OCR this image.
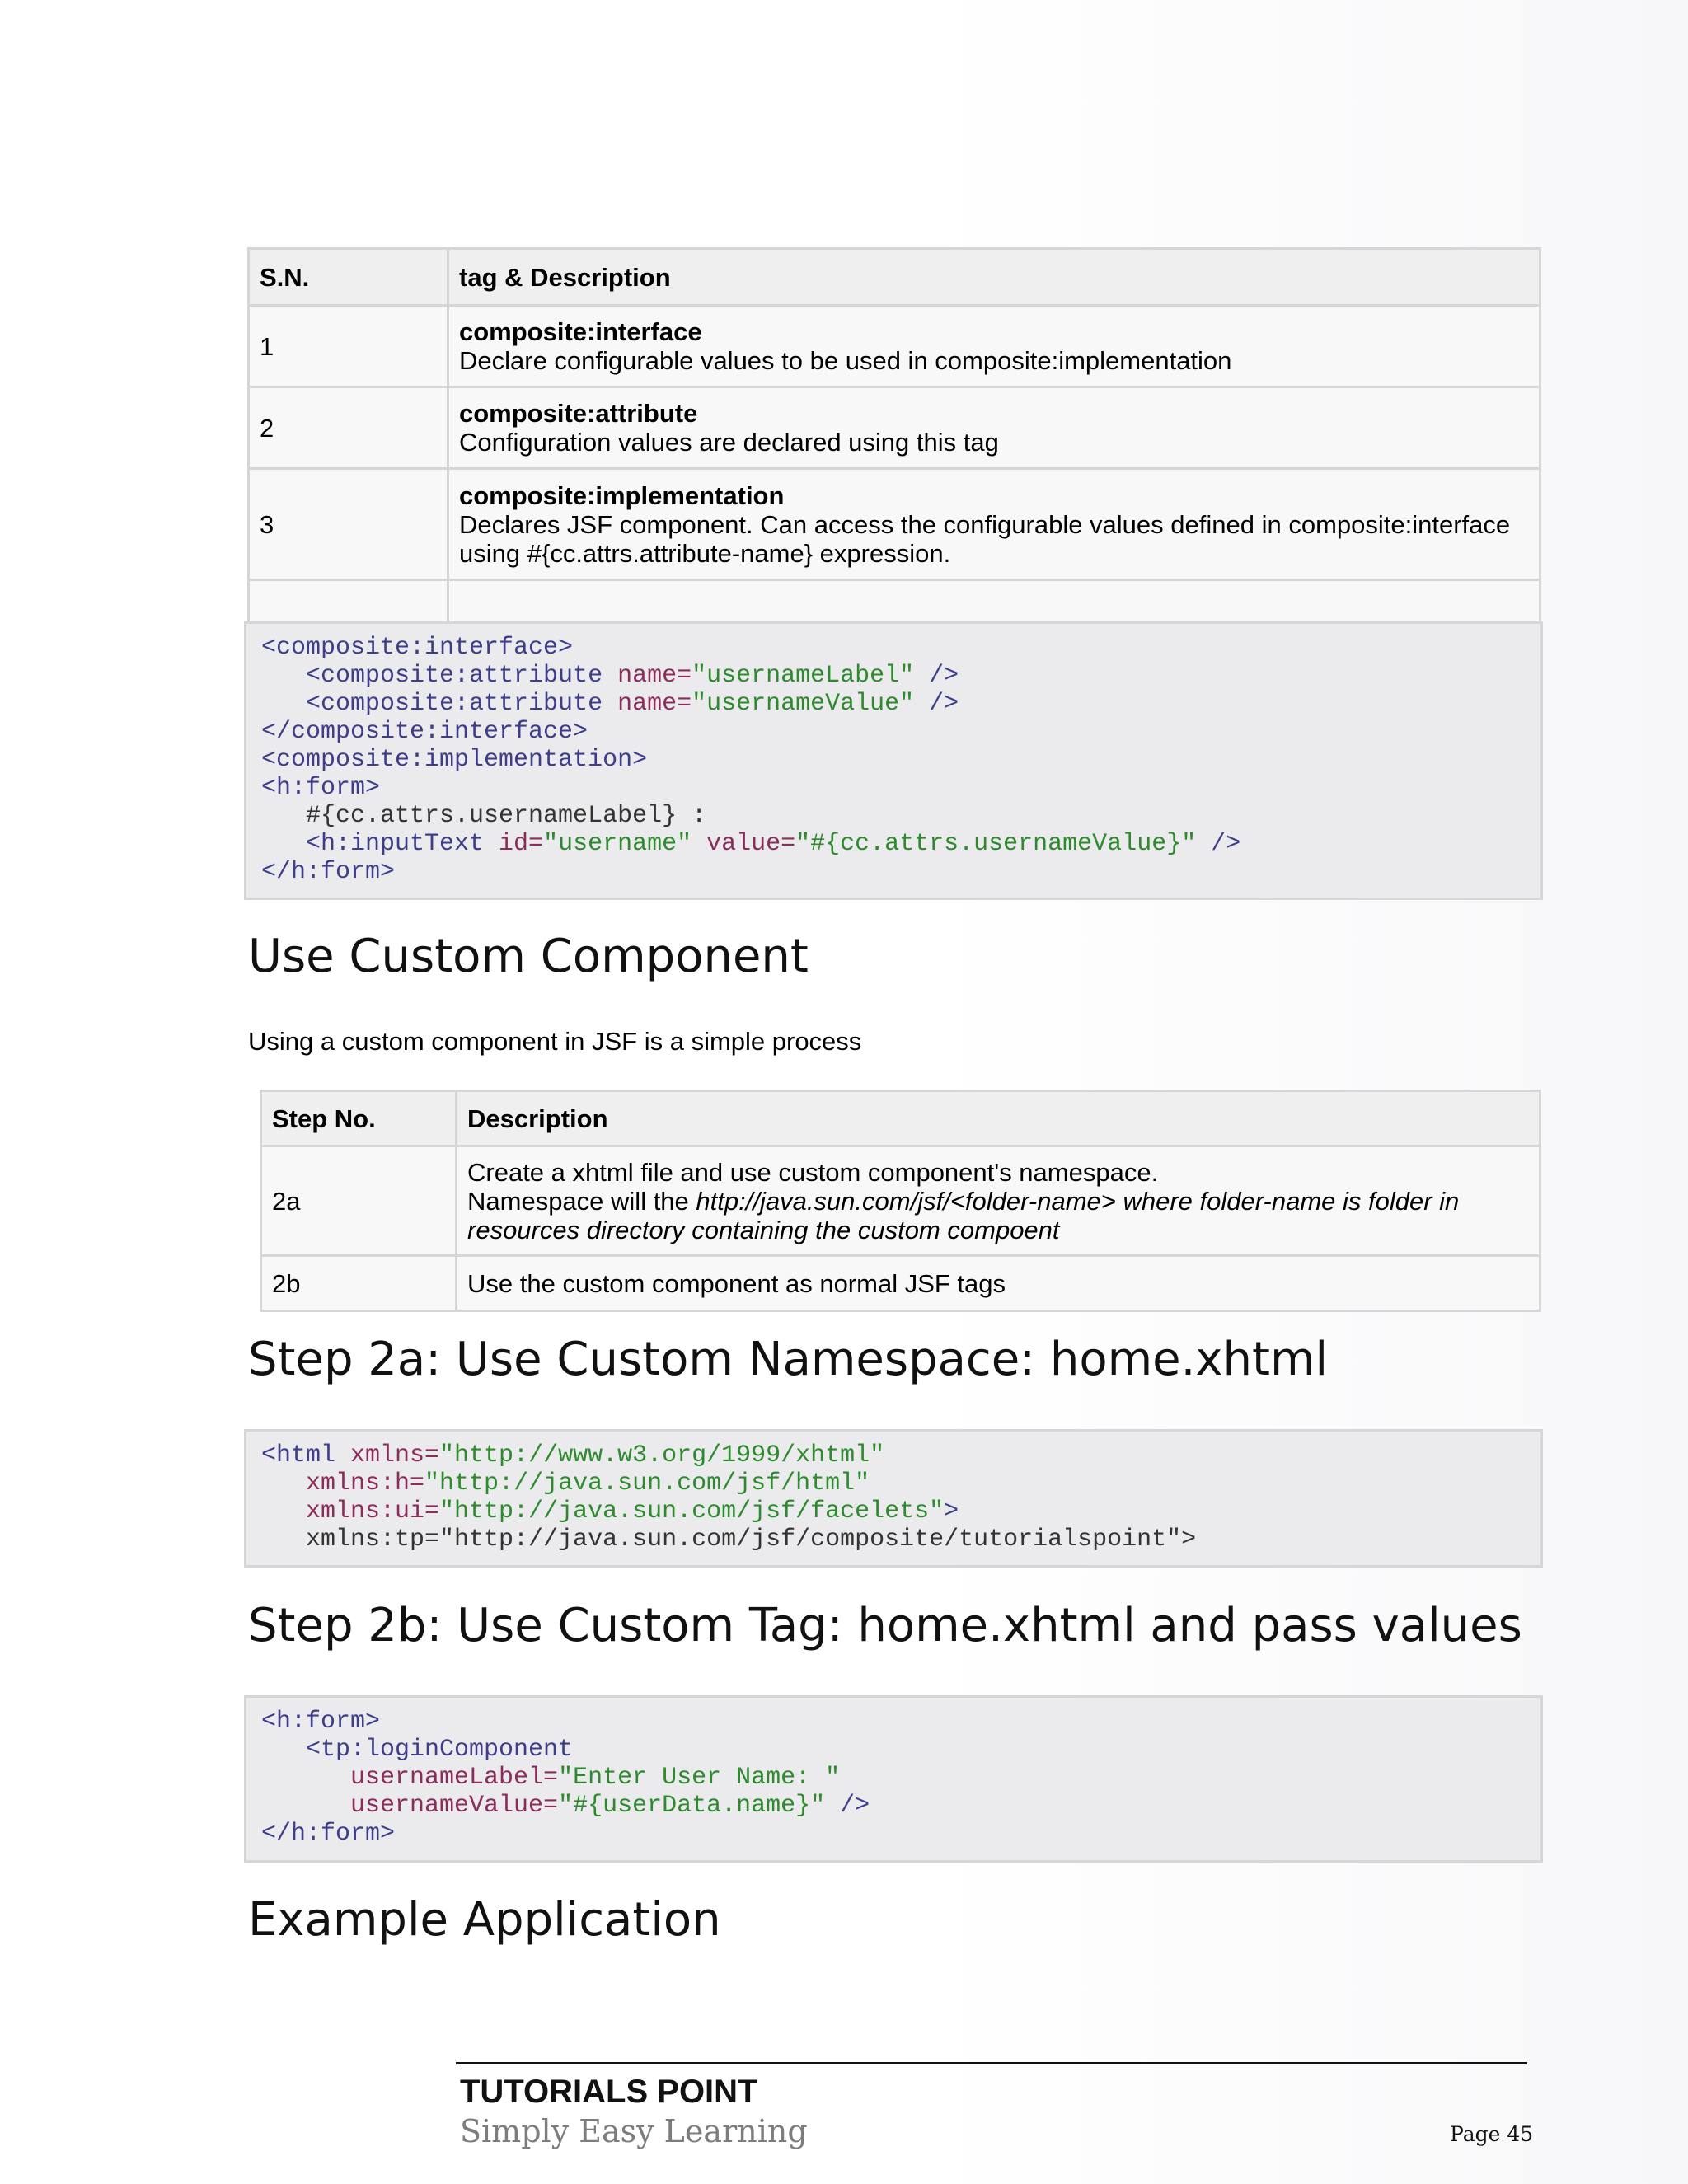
S.N.	tag & Description
1	composite:interface
Declare configurable values to be used in composite:implementation

2	composite:attribute
Configuration values are declared using this tag

3	composite:implementation
Declares JSF component. Can access the configurable values defined in composite:interface
using #{cc.attrs.attribute-name} expression.

<composite:interface>
<composite:attribute name="usernameLabel" />
<composite:attribute name="usernameValue" />
</composite:interface>
<composite:implementation>
<h:form>
#{cc.attrs.usernameLabel} :
<h:inputText id="username" value="#{cc.attrs.usernameValue}" />
</h:form>
Use Custom Component

Using a custom component in JSF is a simple process

Step No.	Description
2a	Create a xhtml file and use custom component's namespace.
Namespace will the http://java.sun.com/jsf/<folder-name> where folder-name is folder in
resources directory containing the custom compoent

2b	Use the custom component as normal JSF tags
Step 2a: Use Custom Namespace: home.xhtml
<html xmlns="http://www.w3.org/1999/xhtml"
xmlns:h="http://java.sun.com/jsf/html"
xmlns:ui="http://java.sun.com/jsf/facelets">
xmlns:tp="http://java.sun.com/jsf/composite/tutorialspoint">
Step 2b: Use Custom Tag: home.xhtml and pass values
<h:form>
<tp:loginComponent
usernameLabel="Enter User Name: "
usernameValue="#{userData.name}" />
</h:form>
Example Application
TUTORIALS POINT
Simply Easy Learning	Page 45
